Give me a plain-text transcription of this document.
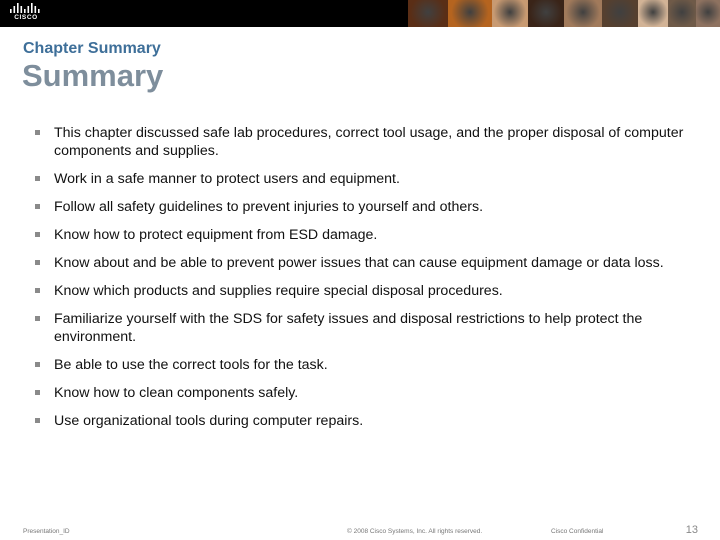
CISCO
Chapter Summary
Summary
This chapter discussed safe lab procedures, correct tool usage, and the proper disposal of computer components and supplies.
Work in a safe manner to protect users and equipment.
Follow all safety guidelines to prevent injuries to yourself and others.
Know how to protect equipment from ESD damage.
Know about and be able to prevent power issues that can cause equipment damage or data loss.
Know which products and supplies require special disposal procedures.
Familiarize yourself with the SDS for safety issues and disposal restrictions to help protect the environment.
Be able to use the correct tools for the task.
Know how to clean components safely.
Use organizational tools during computer repairs.
Presentation_ID	© 2008 Cisco Systems, Inc. All rights reserved.	Cisco Confidential	13
